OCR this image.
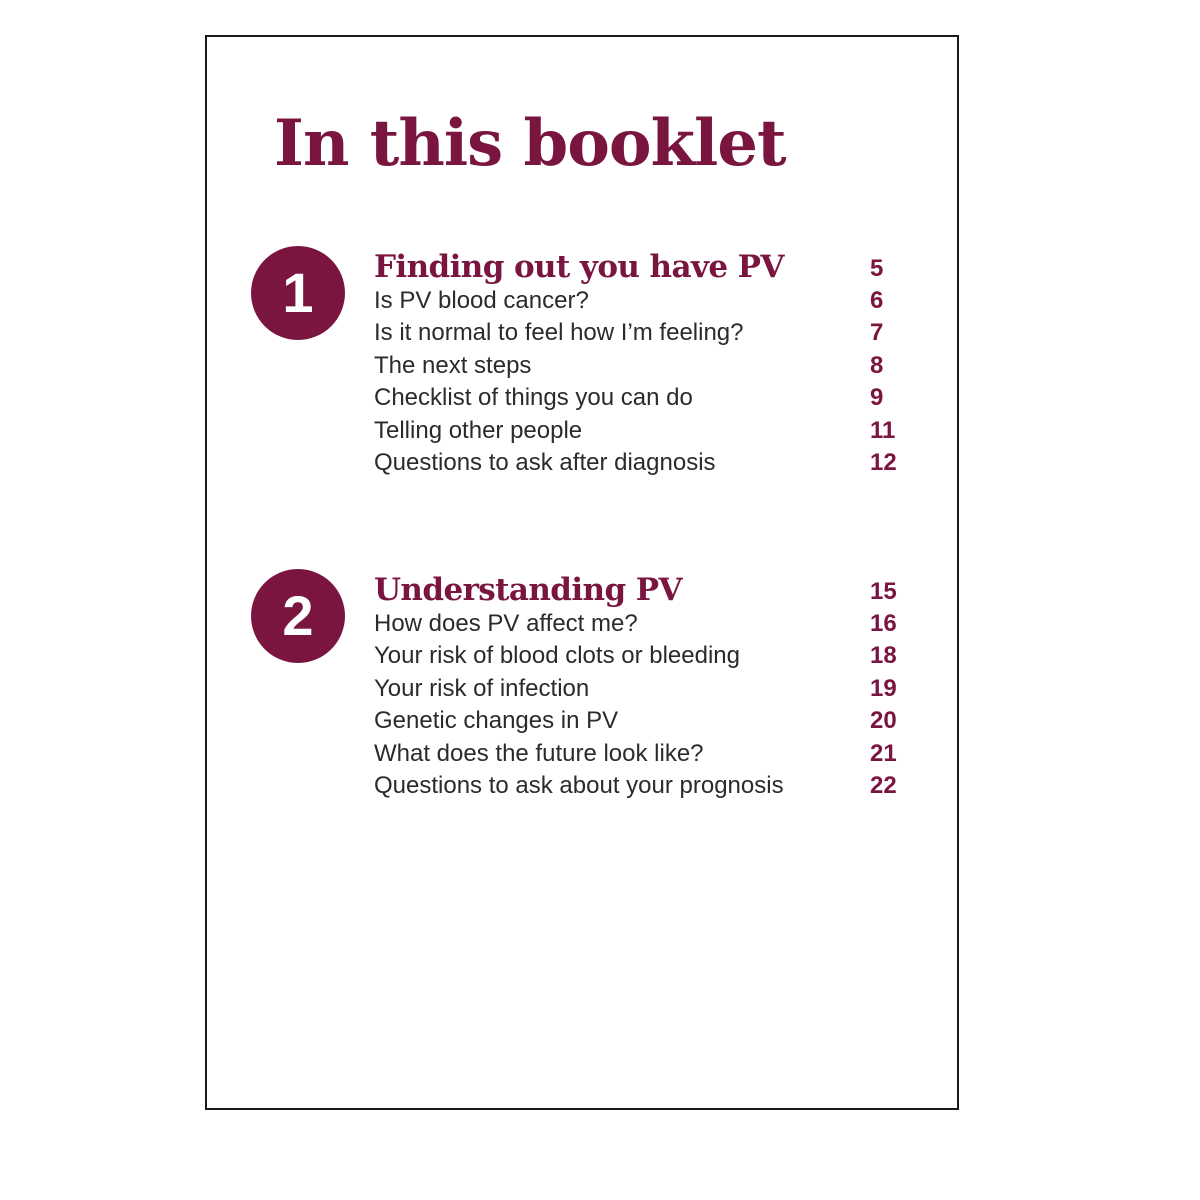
In this booklet
1	Finding out you have PV	5
Is PV blood cancer?	6
Is it normal to feel how I’m feeling?	7
The next steps	8
Checklist of things you can do	9
Telling other people	11
Questions to ask after diagnosis	12
2	Understanding PV	15
How does PV affect me?	16
Your risk of blood clots or bleeding	18
Your risk of infection	19
Genetic changes in PV	20
What does the future look like?	21
Questions to ask about your prognosis	22
